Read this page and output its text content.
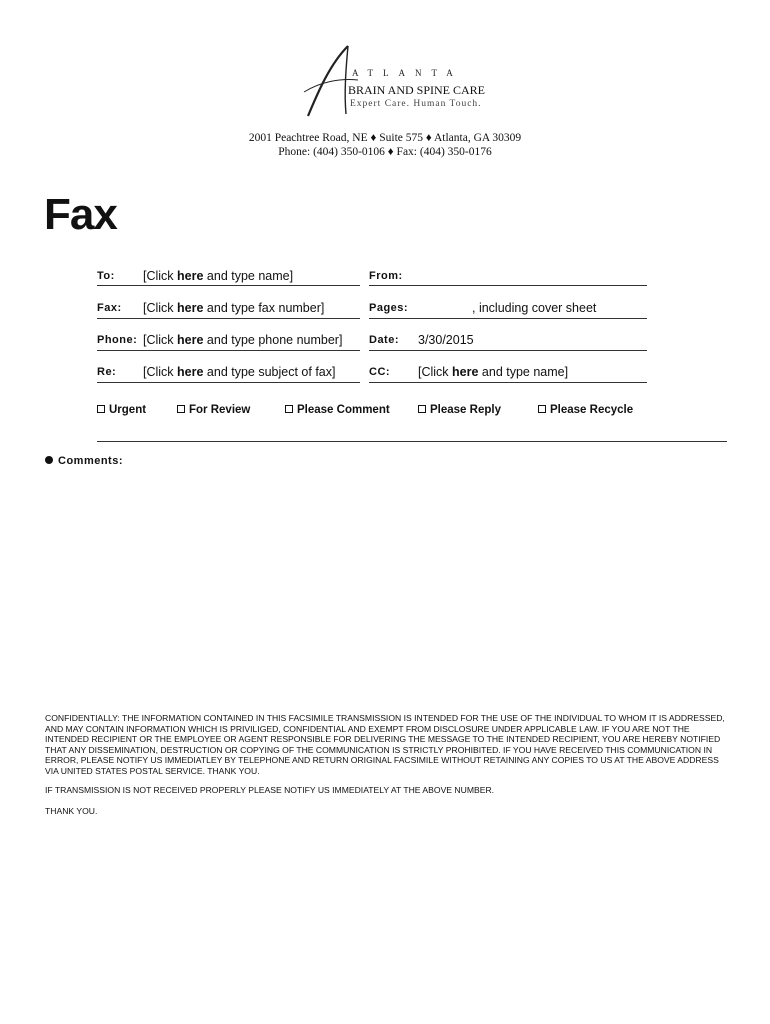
ATLANTA
BRAIN AND SPINE CARE
Expert Care. Human Touch.
2001 Peachtree Road, NE ♦ Suite 575 ♦ Atlanta, GA 30309
Phone: (404) 350-0106 ♦ Fax: (404) 350-0176
Fax
To: [Click here and type name]	From:
Fax: [Click here and type fax number]	Pages:	, including cover sheet
Phone: [Click here and type phone number] Date: 3/30/2015
Re: [Click here and type subject of fax]	CC: [Click here and type name]
Urgent	For Review	Please Comment	Please Reply	Please Recycle
Comments:
CONFIDENTIALLY: THE INFORMATION CONTAINED IN THIS FACSIMILE TRANSMISSION IS INTENDED FOR THE USE OF THE INDIVIDUAL TO WHOM IT IS ADDRESSED, AND MAY CONTAIN INFORMATION WHICH IS PRIVILIGED, CONFIDENTIAL AND EXEMPT FROM DISCLOSURE UNDER APPLICABLE LAW. IF YOU ARE NOT THE INTENDED RECIPIENT OR THE EMPLOYEE OR AGENT RESPONSIBLE FOR DELIVERING THE MESSAGE TO THE INTENDED RECIPIENT, YOU ARE HEREBY NOTIFIED THAT ANY DISSEMINATION, DESTRUCTION OR COPYING OF THE COMMUNICATION IS STRICTLY PROHIBITED. IF YOU HAVE RECEIVED THIS COMMUNICATION IN ERROR, PLEASE NOTIFY US IMMEDIATLEY BY TELEPHONE AND RETURN ORIGINAL FACSIMILE WITHOUT RETAINING ANY COPIES TO US AT THE ABOVE ADDRESS VIA UNITED STATES POSTAL SERVICE. THANK YOU.
IF TRANSMISSION IS NOT RECEIVED PROPERLY PLEASE NOTIFY US IMMEDIATELY AT THE ABOVE NUMBER.
THANK YOU.
